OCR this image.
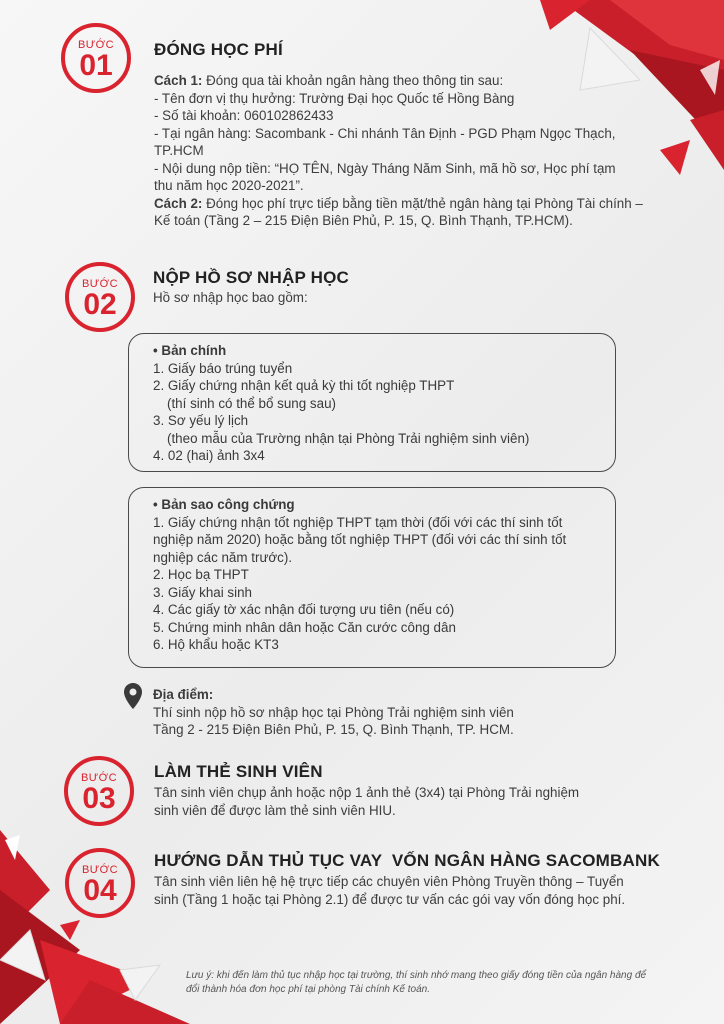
BƯỚC
01 ĐÓNG HỌC PHÍ

Cách 1: Đóng qua tài khoản ngân hàng theo thông tin sau:

- Tên đơn vị thụ hưởng: Trường Đại học Quốc tế Hồng Bàng

- Số tài khoản: 060102862433

- Tại ngân hàng: Sacombank - Chi nhánh Tân Định - PGD Phạm Ngọc Thạch,

TP.HCM

- Nội dung nộp tiền: “HỌ TÊN, Ngày Tháng Năm Sinh, mã hồ sơ, Học phí tạm

thu năm học 2020-2021”.

Cách 2: Đóng học phí trực tiếp bằng tiền mặt/thẻ ngân hàng tại Phòng Tài chính –

Kế toán (Tầng 2 – 215 Điện Biên Phủ, P. 15, Q. Bình Thạnh, TP.HCM).

BƯỚC
02
NỘP HỒ SƠ NHẬP HỌC
Hồ sơ nhập học bao gồm:

• Bản chính

1. Giấy báo trúng tuyển

2. Giấy chứng nhận kết quả kỳ thi tốt nghiệp THPT

(thí sinh có thể bổ sung sau)

3. Sơ yếu lý lịch

(theo mẫu của Trường nhận tại Phòng Trải nghiệm sinh viên)

4. 02 (hai) ảnh 3x4

• Bản sao công chứng

1. Giấy chứng nhận tốt nghiệp THPT tạm thời (đối với các thí sinh tốt

nghiệp năm 2020) hoặc bằng tốt nghiệp THPT (đối với các thí sinh tốt

nghiệp các năm trước).

2. Học bạ THPT

3. Giấy khai sinh

4. Các giấy tờ xác nhận đối tượng ưu tiên (nếu có)

5. Chứng minh nhân dân hoặc Căn cước công dân

6. Hộ khẩu hoặc KT3

Địa điểm:

Thí sinh nộp hồ sơ nhập học tại Phòng Trải nghiệm sinh viên

Tầng 2 - 215 Điện Biên Phủ, P. 15, Q. Bình Thạnh, TP. HCM.

BƯỚC
03
LÀM THẺ SINH VIÊN

Tân sinh viên chụp ảnh hoặc nộp 1 ảnh thẻ (3x4) tại Phòng Trải nghiệm

sinh viên để được làm thẻ sinh viên HIU.

BƯỚC
04
HƯỚNG DẪN THỦ TỤC VAY  VỐN NGÂN HÀNG SACOMBANK

Tân sinh viên liên hệ hệ trực tiếp các chuyên viên Phòng Truyền thông – Tuyển

sinh (Tầng 1 hoặc tại Phòng 2.1) để được tư vấn các gói vay vốn đóng học phí.

Lưu ý: khi đến làm thủ tục nhập học tại trường, thí sinh nhớ mang theo giấy đóng tiền của ngân hàng để
đổi thành hóa đơn học phí tại phòng Tài chính Kế toán.
